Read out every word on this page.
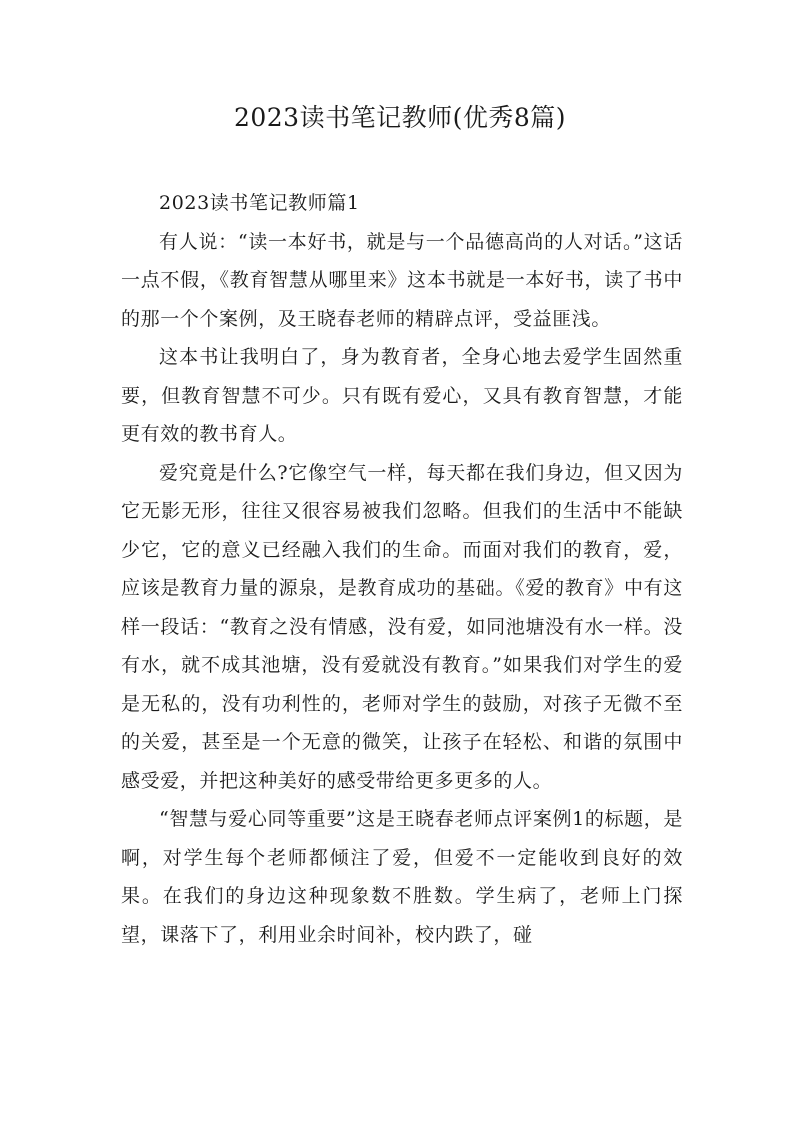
2023读书笔记教师(优秀8篇)

2023读书笔记教师篇1

有人说：“读一本好书，就是与一个品德高尚的人对话。”这话一点不假，《教育智慧从哪里来》这本书就是一本好书，读了书中的那一个个案例，及王晓春老师的精辟点评，受益匪浅。

这本书让我明白了，身为教育者，全身心地去爱学生固然重要，但教育智慧不可少。只有既有爱心，又具有教育智慧，才能更有效的教书育人。

爱究竟是什么?它像空气一样，每天都在我们身边，但又因为它无影无形，往往又很容易被我们忽略。但我们的生活中不能缺少它，它的意义已经融入我们的生命。而面对我们的教育，爱，应该是教育力量的源泉，是教育成功的基础。《爱的教育》中有这样一段话：“教育之没有情感，没有爱，如同池塘没有水一样。没有水，就不成其池塘，没有爱就没有教育。”如果我们对学生的爱是无私的，没有功利性的，老师对学生的鼓励，对孩子无微不至的关爱，甚至是一个无意的微笑，让孩子在轻松、和谐的氛围中感受爱，并把这种美好的感受带给更多更多的人。

“智慧与爱心同等重要”这是王晓春老师点评案例1的标题，是啊，对学生每个老师都倾注了爱，但爱不一定能收到良好的效果。在我们的身边这种现象数不胜数。学生病了，老师上门探望，课落下了，利用业余时间补，校内跌了，碰
